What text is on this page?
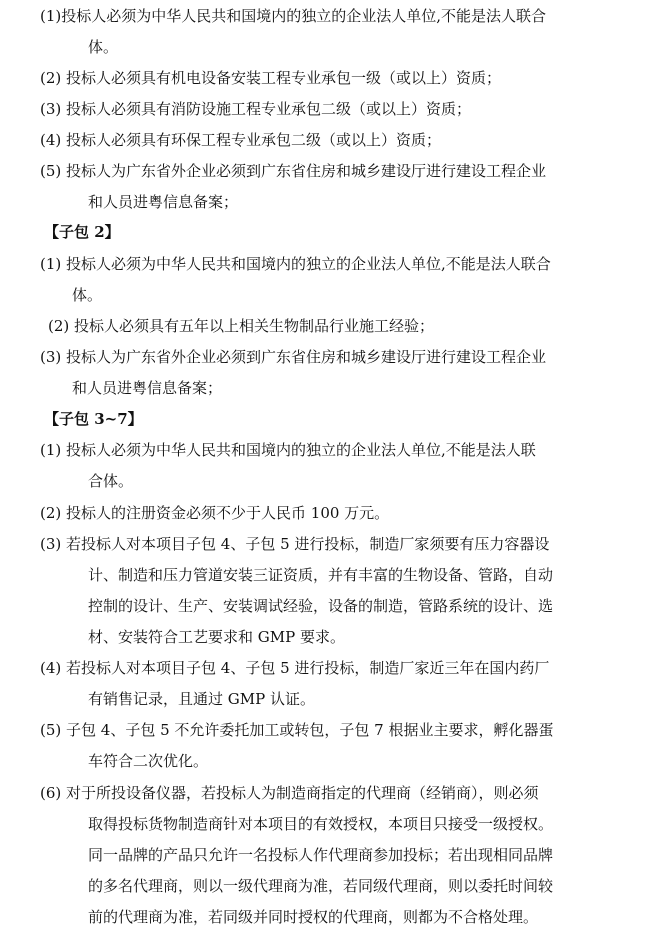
(1)投标人必须为中华人民共和国境内的独立的企业法人单位,不能是法人联合
体。
(2) 投标人必须具有机电设备安装工程专业承包一级（或以上）资质；
(3) 投标人必须具有消防设施工程专业承包二级（或以上）资质；
(4) 投标人必须具有环保工程专业承包二级（或以上）资质；
(5) 投标人为广东省外企业必须到广东省住房和城乡建设厅进行建设工程企业
和人员进粤信息备案；
【子包 2】
(1) 投标人必须为中华人民共和国境内的独立的企业法人单位,不能是法人联合
体。
(2) 投标人必须具有五年以上相关生物制品行业施工经验；
(3) 投标人为广东省外企业必须到广东省住房和城乡建设厅进行建设工程企业
和人员进粤信息备案；
【子包 3~7】
(1) 投标人必须为中华人民共和国境内的独立的企业法人单位,不能是法人联
合体。
(2) 投标人的注册资金必须不少于人民币 100 万元。
(3) 若投标人对本项目子包 4、子包 5 进行投标，制造厂家须要有压力容器设
计、制造和压力管道安装三证资质，并有丰富的生物设备、管路，自动
控制的设计、生产、安装调试经验，设备的制造，管路系统的设计、选
材、安装符合工艺要求和 GMP 要求。
(4) 若投标人对本项目子包 4、子包 5 进行投标，制造厂家近三年在国内药厂
有销售记录，且通过 GMP 认证。
(5) 子包 4、子包 5 不允许委托加工或转包，子包 7 根据业主要求，孵化器蛋
车符合二次优化。
(6) 对于所投设备仪器，若投标人为制造商指定的代理商（经销商），则必须
取得投标货物制造商针对本项目的有效授权，本项目只接受一级授权。
同一品牌的产品只允许一名投标人作代理商参加投标；若出现相同品牌
的多名代理商，则以一级代理商为准，若同级代理商，则以委托时间较
前的代理商为准，若同级并同时授权的代理商，则都为不合格处理。
